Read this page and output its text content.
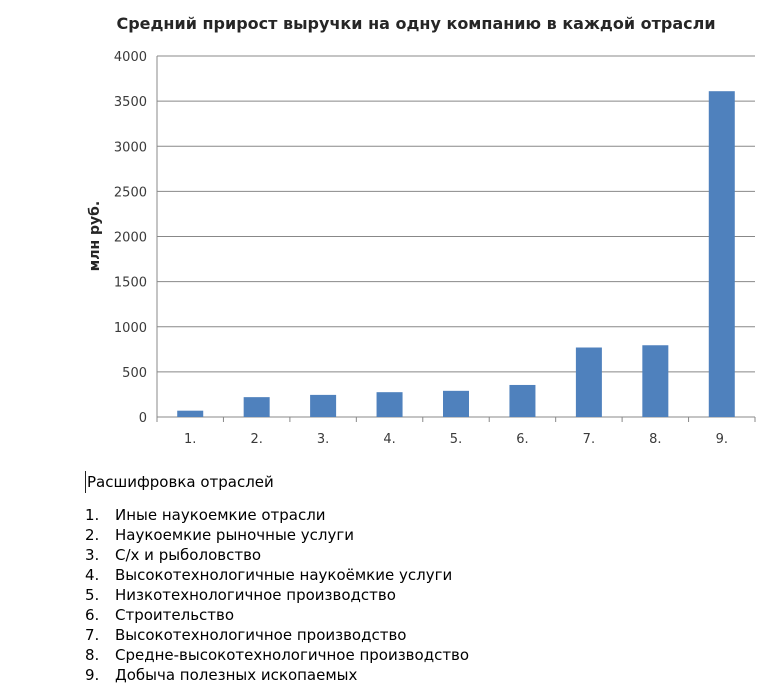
Средний прирост выручки на одну компанию в каждой отрасли
млн руб.
0
500
1000
1500
2000
2500
3000
3500
4000
1.	2.	3.	4.	5.	6.	7.	8.	9.
Расшифровка отраслей
1.	Иные наукоемкие отрасли
2.	Наукоемкие рыночные услуги
3.	С/х и рыболовство
4.	Высокотехнологичные наукоёмкие услуги
5.	Низкотехнологичное производство
6.	Строительство
7.	Высокотехнологичное производство
8.	Средне-высокотехнологичное производство
9.	Добыча полезных ископаемых
